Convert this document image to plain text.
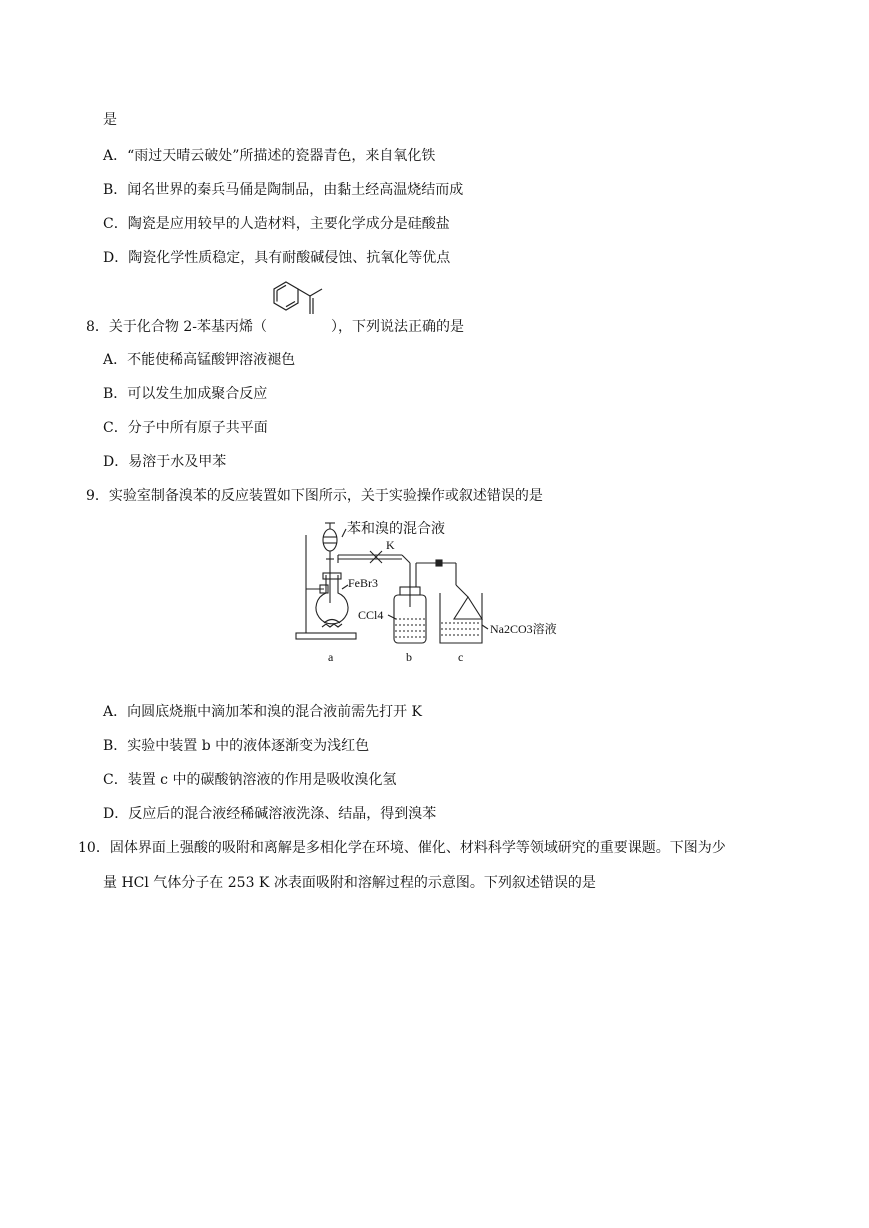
是
A．“雨过天晴云破处”所描述的瓷器青色，来自氧化铁
B．闻名世界的秦兵马俑是陶制品，由黏土经高温烧结而成
C．陶瓷是应用较早的人造材料，主要化学成分是硅酸盐
D．陶瓷化学性质稳定，具有耐酸碱侵蚀、抗氧化等优点
8．关于化合物 2-苯基丙烯（	），下列说法正确的是
A．不能使稀高锰酸钾溶液褪色
B．可以发生加成聚合反应
C．分子中所有原子共平面
D．易溶于水及甲苯
9．实验室制备溴苯的反应装置如下图所示，关于实验操作或叙述错误的是
苯和溴的混合液
K
FeBr3
CCl4
Na2CO3溶液
a	b	c
A．向圆底烧瓶中滴加苯和溴的混合液前需先打开 K
B．实验中装置 b 中的液体逐渐变为浅红色
C．装置 c 中的碳酸钠溶液的作用是吸收溴化氢
D．反应后的混合液经稀碱溶液洗涤、结晶，得到溴苯
10．固体界面上强酸的吸附和离解是多相化学在环境、催化、材料科学等领域研究的重要课题。下图为少
量 HCl 气体分子在 253 K 冰表面吸附和溶解过程的示意图。下列叙述错误的是
